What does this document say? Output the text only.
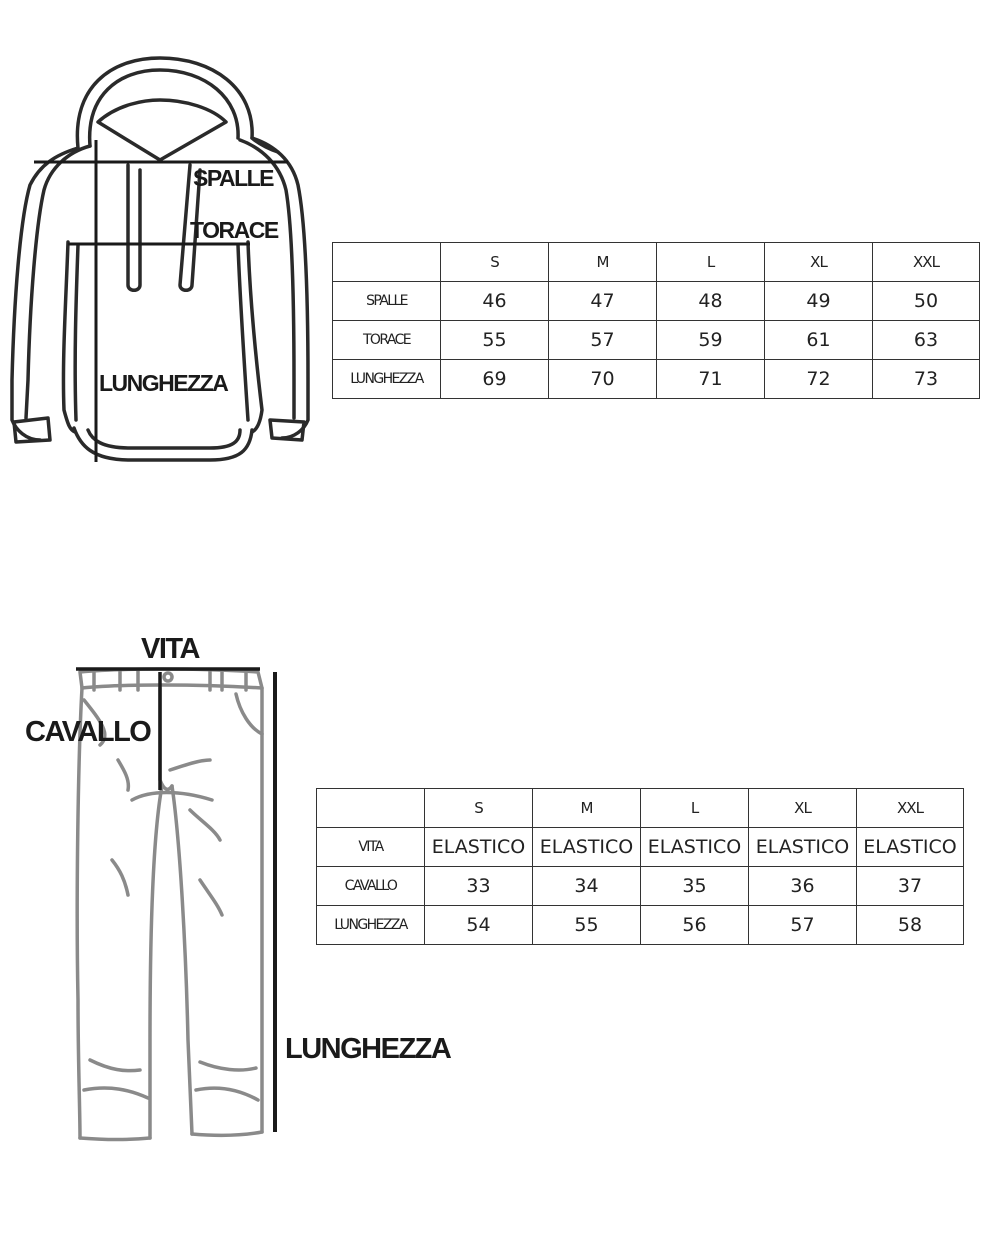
SPALLE
TORACE
LUNGHEZZA
VITA
CAVALLO
LUNGHEZZA
	S	M	L	XL	XXL
SPALLE	46	47	48	49	50
TORACE	55	57	59	61	63
LUNGHEZZA	69	70	71	72	73
	S	M	L	XL	XXL
VITA	ELASTICO	ELASTICO	ELASTICO	ELASTICO	ELASTICO
CAVALLO	33	34	35	36	37
LUNGHEZZA	54	55	56	57	58
